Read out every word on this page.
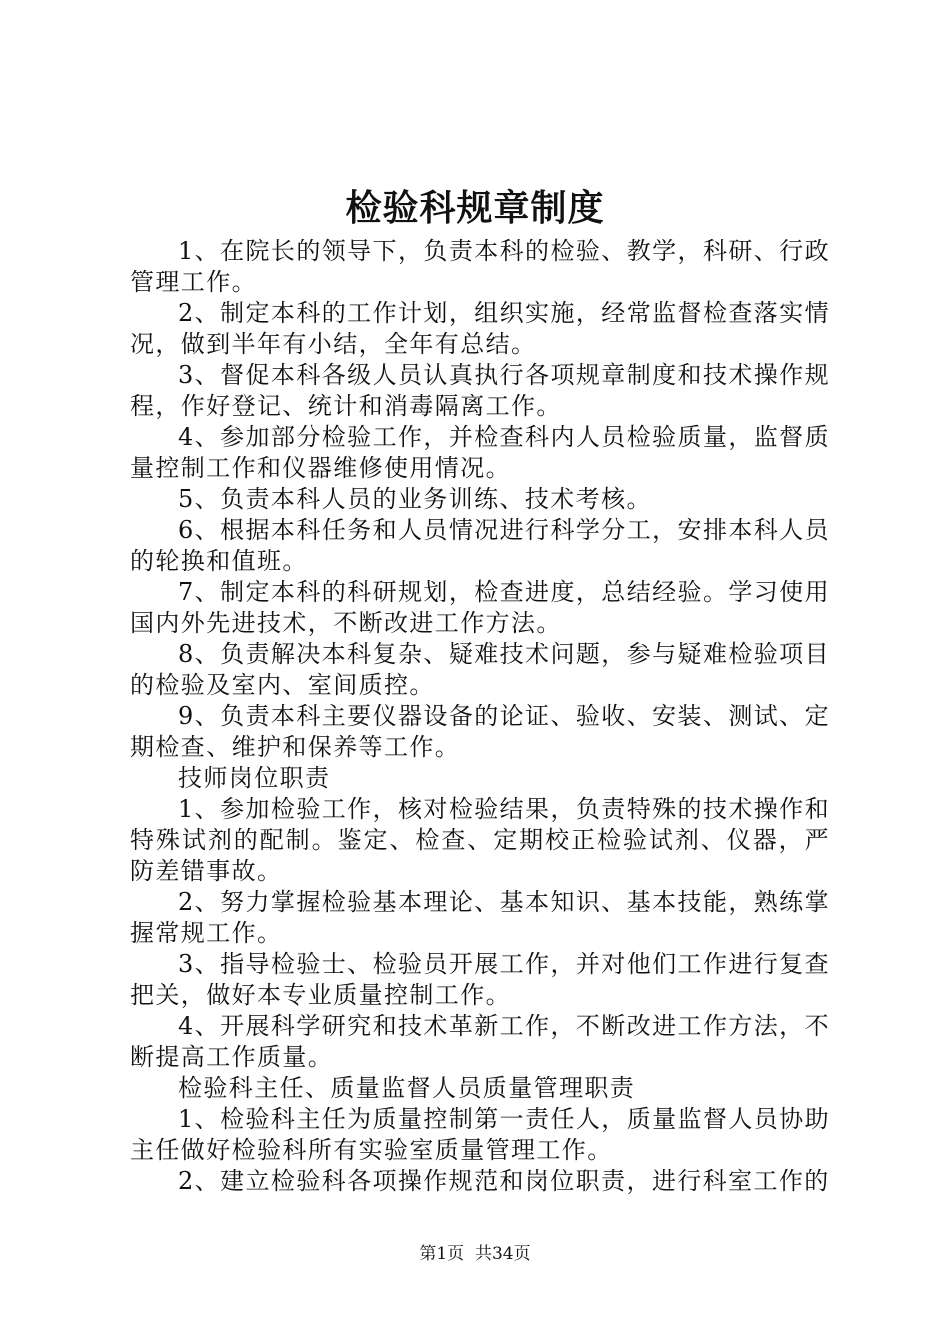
检验科规章制度

1、在院长的领导下，负责本科的检验、教学，科研、行政管理工作。

2、制定本科的工作计划，组织实施，经常监督检查落实情况，做到半年有小结，全年有总结。

3、督促本科各级人员认真执行各项规章制度和技术操作规程，作好登记、统计和消毒隔离工作。

4、参加部分检验工作，并检查科内人员检验质量，监督质量控制工作和仪器维修使用情况。

5、负责本科人员的业务训练、技术考核。

6、根据本科任务和人员情况进行科学分工，安排本科人员的轮换和值班。

7、制定本科的科研规划，检查进度，总结经验。学习使用国内外先进技术，不断改进工作方法。

8、负责解决本科复杂、疑难技术问题，参与疑难检验项目的检验及室内、室间质控。

9、负责本科主要仪器设备的论证、验收、安装、测试、定期检查、维护和保养等工作。

技师岗位职责

1、参加检验工作，核对检验结果，负责特殊的技术操作和特殊试剂的配制。鉴定、检查、定期校正检验试剂、仪器，严防差错事故。

2、努力掌握检验基本理论、基本知识、基本技能，熟练掌握常规工作。

3、指导检验士、检验员开展工作，并对他们工作进行复查把关，做好本专业质量控制工作。

4、开展科学研究和技术革新工作，不断改进工作方法，不断提高工作质量。

检验科主任、质量监督人员质量管理职责

1、检验科主任为质量控制第一责任人，质量监督人员协助主任做好检验科所有实验室质量管理工作。

2、建立检验科各项操作规范和岗位职责，进行科室工作的

第1页  共34页
